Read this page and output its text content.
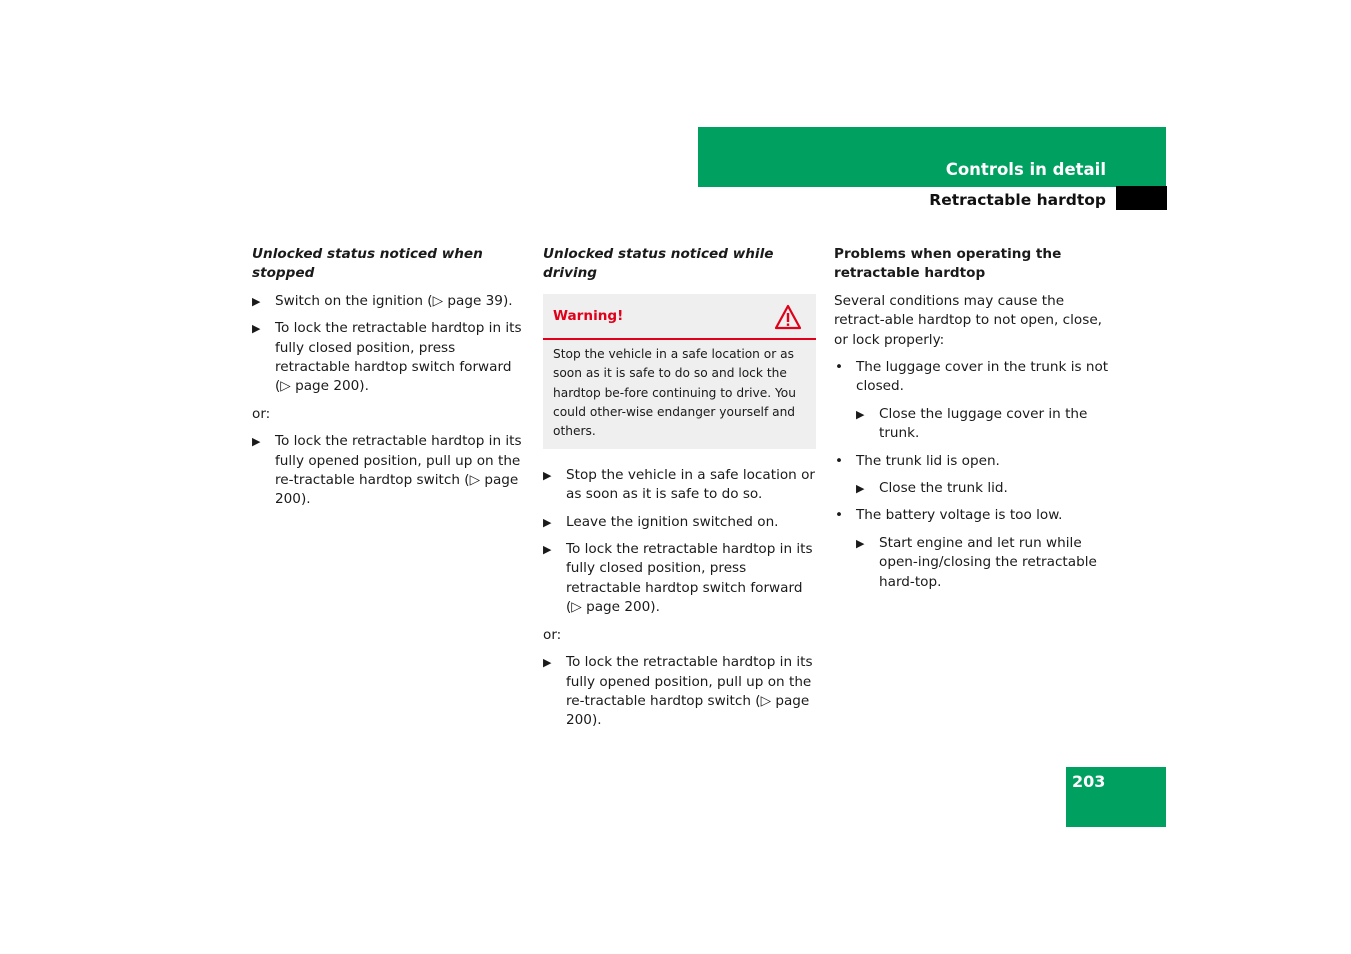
Controls in detail
Retractable hardtop
Unlocked status noticed when stopped
▶ Switch on the ignition (▷ page 39).
▶ To lock the retractable hardtop in its fully closed position, press retractable hardtop switch forward (▷ page 200).

or:

▶ To lock the retractable hardtop in its fully opened position, pull up on the re-tractable hardtop switch (▷ page 200).
Unlocked status noticed while driving
Warning!
Stop the vehicle in a safe location or as soon as it is safe to do so and lock the hardtop be-fore continuing to drive. You could other-wise endanger yourself and others.
▶ Stop the vehicle in a safe location or as soon as it is safe to do so.
▶ Leave the ignition switched on.
▶ To lock the retractable hardtop in its fully closed position, press retractable hardtop switch forward (▷ page 200).

or:

▶ To lock the retractable hardtop in its fully opened position, pull up on the re-tractable hardtop switch (▷ page 200).
Problems when operating the retractable hardtop

Several conditions may cause the retract-able hardtop to not open, close, or lock properly:

• The luggage cover in the trunk is not closed.
▶ Close the luggage cover in the trunk.
• The trunk lid is open.
▶ Close the trunk lid.
• The battery voltage is too low.
▶ Start engine and let run while open-ing/closing the retractable hard-top.
203
